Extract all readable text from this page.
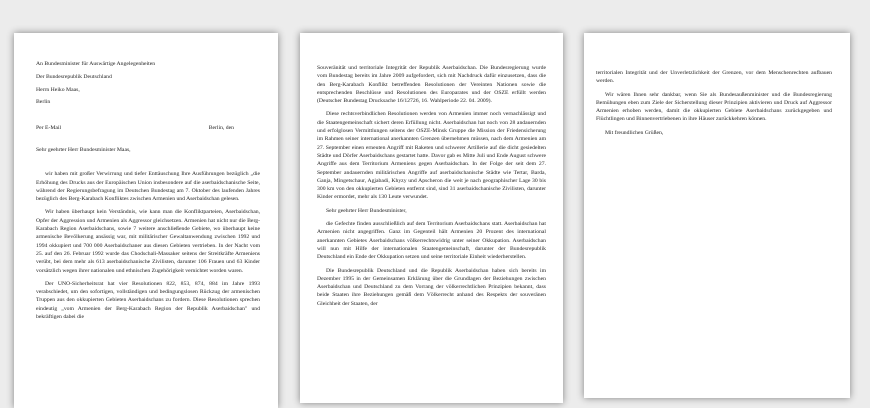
An Bundesminister für Auswärtige Angelegenheiten

Der Bundesrepublik Deutschland

Herrn Heiko Maas,

Berlin

Per E-Mail	Berlin, den

Sehr geehrter Herr Bundesminister Maas,

wir haben mit großer Verwirrung und tiefer Enttäuschung Ihre Ausführungen bezüglich „die Erhöhung des Drucks aus der Europäischen Union insbesondere auf die aserbaidschanische Seite, während der Regierungsbefragung im Deutschen Bundestag am 7. Oktober des laufenden Jahres bezüglich des Berg-Karabach Konfliktes zwischen Armenien und Aserbaidschan gelesen.

Wir haben überhaupt kein Verständnis, wie kann man die Konfliktparteien, Aserbaidschan, Opfer der Aggression und Armenien als Aggressor gleichsetzen. Armenien hat nicht nur die Berg-Karabach Region Aserbaidschans, sowie 7 weitere anschließende Gebiete, wo überhaupt keine armenische Bevölkerung ansässig war, mit militärischer Gewaltanwendung zwischen 1992 und 1994 okkupiert und 700 000 Aserbaidschaner aus diesen Gebieten vertrieben. In der Nacht vom 25. auf den 26. Februar 1992 wurde das Chodschali-Massaker seitens der Streitkräfte Armeniens verübt, bei dem mehr als 613 aserbaidschanische Zivilisten, darunter 106 Frauen und 63 Kinder vorsätzlich wegen ihrer nationalen und ethnischen Zugehörigkeit vernichtet worden waren.

Der UNO-Sicherheitsrat hat vier Resolutionen 822, 853, 874, 884 im Jahre 1993 verabschiedet, um den sofortigen, vollständigen und bedingungslosen Rückzug der armenischen Truppen aus den okkupierten Gebieten Aserbaidschans zu fordern. Diese Resolutionen sprechen eindeutig „vom Armenien der Berg-Karabach Region der Republik Aserbaidschan" und bekräftigen dabei die

Souveränität und territoriale Integrität der Republik Aserbaidschan. Die Bundesregierung wurde vom Bundestag bereits im Jahre 2009 aufgefordert, sich mit Nachdruck dafür einzusetzen, dass die den Berg-Karabach Konflikt betreffenden Resolutionen der Vereinten Nationen sowie die entsprechenden Beschlüsse und Resolutionen des Europarates und der OSZE erfüllt werden (Deutscher Bundestag Drucksache 16/12726, 16. Wahlperiode 22. 04. 2009).

Diese rechtsverbindlichen Resolutionen werden von Armenien immer noch vernachlässigt und die Staatengemeinschaft sichert deren Erfüllung nicht. Aserbaidschan hat noch von 28 andauernden und erfolglosen Vermittlungen seitens der OSZE-Minsk Gruppe die Mission der Friedensicherung im Rahmen seiner international anerkannten Grenzen übernehmen müssen, nach dem Armenien am 27. September einen erneuten Angriff mit Raketen und schwerer Artillerie auf die dicht gesiedelten Städte und Dörfer Aserbaidschans gestartet hatte. Davor gab es Mitte Juli und Ende August schwere Angriffe aus dem Territorium Armeniens gegen Aserbaidschan. In der Folge der seit dem 27. September andauernden militärischen Angriffe auf aserbaidschanische Städte wie Tertar, Barda, Ganja, Mingetschaur, Agjabadi, Khyzy und Apscheron die weit je nach geographischer Lage 30 bis 300 km von den okkupierten Gebieten entfernt sind, sind 31 aserbaidschanische Zivilisten, darunter Kinder ermordet, mehr als 130 Leute verwundet.

Sehr geehrter Herr Bundesminister,

die Gefechte finden ausschließlich auf dem Territorium Aserbaidschans statt. Aserbaidschan hat Armenien nicht angegriffen. Ganz im Gegenteil hält Armenien 20 Prozent des international anerkannten Gebietes Aserbaidschans völkerrechtswidrig unter seiner Okkupation. Aserbaidschan will nun mit Hilfe der internationalen Staatengemeinschaft, darunter der Bundesrepublik Deutschland ein Ende der Okkupation setzen und seine territoriale Einheit wiederherstellen.

Die Bundesrepublik Deutschland und die Republik Aserbaidschan haben sich bereits im Dezember 1995 in der Gemeinsamen Erklärung über die Grundlagen der Beziehungen zwischen Aserbaidschan und Deutschland zu dem Vorrang der völkerrechtlichen Prinzipien bekannt, dass beide Staaten ihre Beziehungen gemäß dem Völkerrecht anhand des Respekts der souveränen Gleichheit der Staaten, der

territorialen Integrität und der Unverletzlichkeit der Grenzen, vor dem Menschenrechten aufbauen werden.

Wir wären Ihnen sehr dankbar, wenn Sie als Bundesaußenminister und die Bundesregierung Bemühungen eben zum Ziele der Sicherstellung dieser Prinzipien aktivieren und Druck auf Aggressor Armenien erhoben werden, damit die okkupierten Gebiete Aserbaidschans zurückgegeben und Flüchtlingen und Binnenvertriebenen in ihre Häuser zurückkehren können.

Mit freundlichen Grüßen,
